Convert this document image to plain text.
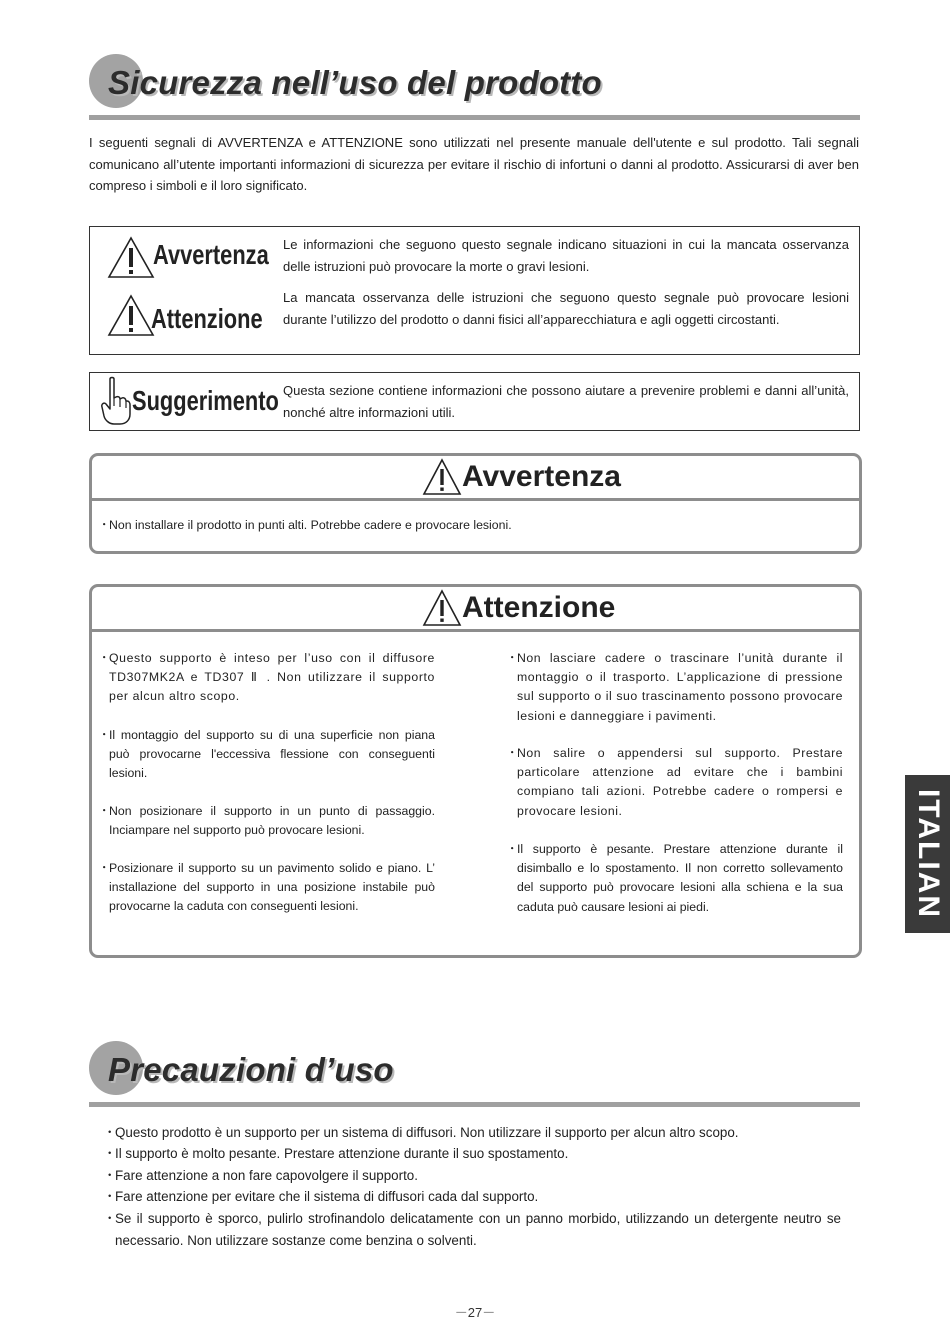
Sicurezza nell’uso del prodotto
I seguenti segnali di AVVERTENZA e ATTENZIONE sono utilizzati nel presente manuale dell'utente e sul prodotto. Tali segnali comunicano all’utente importanti informazioni di sicurezza per evitare il rischio di infortuni o danni al prodotto. Assicurarsi di aver ben compreso i simboli e il loro significato.
Avvertenza
Attenzione
Le informazioni che seguono questo segnale indicano situazioni in cui la mancata osservanza delle istruzioni può provocare la morte o gravi lesioni.
La mancata osservanza delle istruzioni che seguono questo segnale può provocare lesioni durante l’utilizzo del prodotto o danni fisici all’apparecchiatura e agli oggetti circostanti.
Suggerimento Questa sezione contiene informazioni che possono aiutare a prevenire problemi e danni all’unità, nonché altre informazioni utili.
Avvertenza
・
Non installare il prodotto in punti alti. Potrebbe cadere e provocare lesioni.
Attenzione
・
Questo supporto è inteso per l’uso con il diffusore TD307MK2A e TD307 Ⅱ . Non utilizzare il supporto per alcun altro scopo.
・
Il montaggio del supporto su di una superficie non piana può provocarne l'eccessiva flessione con conseguenti lesioni.
・
Non posizionare il supporto in un punto di passaggio. Inciampare nel supporto può provocare lesioni.
・
Posizionare il supporto su un pavimento solido e piano. L’ installazione del supporto in una posizione instabile può provocarne la caduta con conseguenti lesioni.
・
Non lasciare cadere o trascinare l’unità durante il montaggio o il trasporto. L’applicazione di pressione sul supporto o il suo trascinamento possono provocare lesioni e danneggiare i pavimenti.
・
Non salire o appendersi sul supporto. Prestare particolare attenzione ad evitare che i bambini compiano tali azioni. Potrebbe cadere o rompersi e provocare lesioni.
・
Il supporto è pesante. Prestare attenzione durante il disimballo e lo spostamento. Il non corretto sollevamento del supporto può provocare lesioni alla schiena e la sua caduta può causare lesioni ai piedi.	ITALIAN
Precauzioni d’uso
・
Questo prodotto è un supporto per un sistema di diffusori. Non utilizzare il supporto per alcun altro scopo.
・
Il supporto è molto pesante. Prestare attenzione durante il suo spostamento.
・
Fare attenzione a non fare capovolgere il supporto.
・
Fare attenzione per evitare che il sistema di diffusori cada dal supporto.
・
Se il supporto è sporco, pulirlo strofinandolo delicatamente con un panno morbido, utilizzando un detergente neutro se necessario. Non utilizzare sostanze come benzina o solventi.
－27－
